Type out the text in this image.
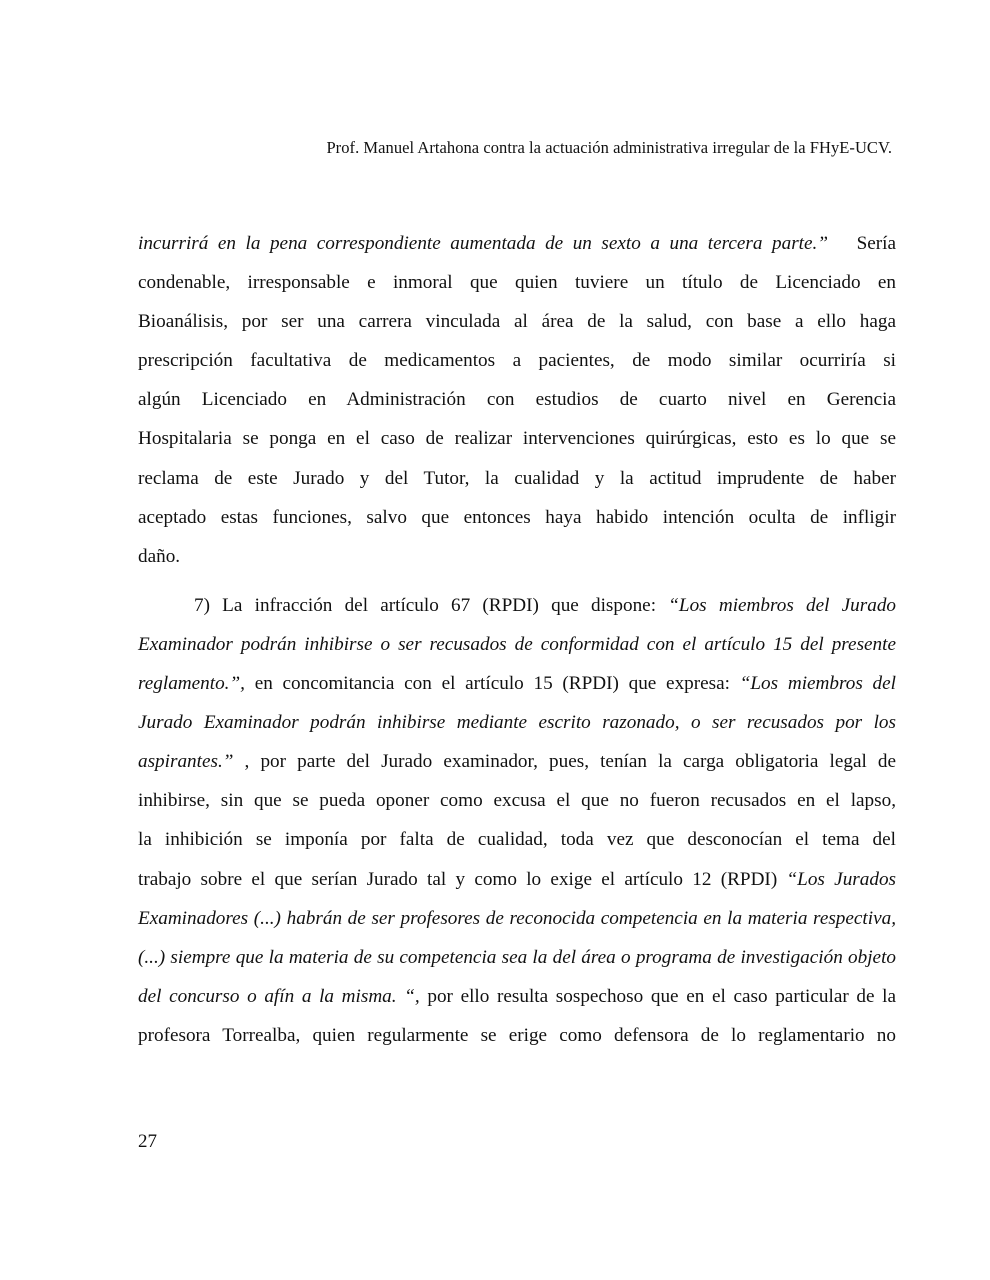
Prof. Manuel Artahona contra la actuación administrativa irregular de la FHyE-UCV.
incurrirá en la pena correspondiente aumentada de un sexto a una tercera parte.” Sería
condenable, irresponsable e inmoral que quien tuviere un título de Licenciado en
Bioanálisis, por ser una carrera vinculada al área de la salud, con base a ello haga
prescripción facultativa de medicamentos a pacientes, de modo similar ocurriría si
algún Licenciado en Administración con estudios de cuarto nivel en Gerencia
Hospitalaria se ponga en el caso de realizar intervenciones quirúrgicas, esto es lo que se
reclama de este Jurado y del Tutor, la cualidad y la actitud imprudente de haber
aceptado estas funciones, salvo que entonces haya habido intención oculta de infligir
daño.
7) La infracción del artículo 67 (RPDI) que dispone: “Los miembros del Jurado
Examinador podrán inhibirse o ser recusados de conformidad con el artículo 15 del presente
reglamento.”, en concomitancia con el artículo 15 (RPDI) que expresa: “Los miembros del
Jurado Examinador podrán inhibirse mediante escrito razonado, o ser recusados por los
aspirantes.” , por parte del Jurado examinador, pues, tenían la carga obligatoria legal de
inhibirse, sin que se pueda oponer como excusa el que no fueron recusados en el lapso,
la inhibición se imponía por falta de cualidad, toda vez que desconocían el tema del
trabajo sobre el que serían Jurado tal y como lo exige el artículo 12 (RPDI) “Los Jurados
Examinadores (...) habrán de ser profesores de reconocida competencia en la materia respectiva,
(...) siempre que la materia de su competencia sea la del área o programa de investigación objeto
del concurso o afín a la misma. “, por ello resulta sospechoso que en el caso particular de la
profesora Torrealba, quien regularmente se erige como defensora de lo reglamentario no
27
